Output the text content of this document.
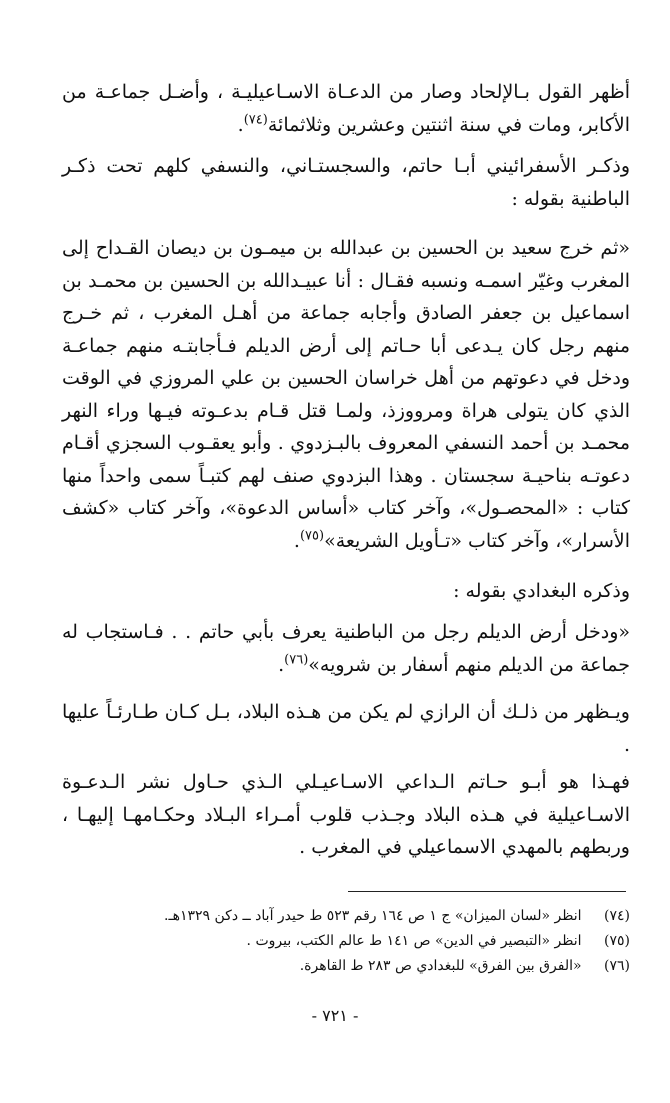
أظهر القول بـالإلحاد وصار من الدعـاة الاسـاعيليـة ، وأضـل جماعـة من الأكابر، ومات في سنة اثنتين وعشرين وثلاثمائة$^{(٧٤)}$.

وذكـر الأسفرائيني أبـا حاتم، والسجستـاني، والنسفي كلهم تحت ذكـر الباطنية بقوله :

«ثم خرج سعيد بن الحسين بن عبدالله بن ميمـون بن ديصان القـداح إلى المغرب وغيّر اسمـه ونسبه فقـال : أنا عبيـدالله بن الحسين بن محمـد بن اسماعيل بن جعفر الصادق وأجابه جماعة من أهـل المغرب ، ثم خـرج منهم رجل كان يـدعى أبا حـاتم إلى أرض الديلم فـأجابتـه منهم جماعـة ودخل في دعوتهم من أهل خراسان الحسين بن علي المروزي في الوقت الذي كان يتولى هراة ومرووزذ، ولمـا قتل قـام بدعـوته فيـها وراء النهر محمـد بن أحمد النسفي المعروف بالبـزدوي . وأبو يعقـوب السجزي أقـام دعوتـه بناحيـة سجستان . وهذا البزدوي صنف لهم كتبـاً سمى واحداً منها كتاب : «المحصـول»، وآخر كتاب «أساس الدعوة»، وآخر كتاب «كشف الأسرار»، وآخر كتاب «تـأويل الشريعة»$^{(٧٥)}$.

وذكره البغدادي بقوله :

«ودخل أرض الديلم رجل من الباطنية يعرف بأبي حاتم . . فـاستجاب له جماعة من الديلم منهم أسفار بن شرويه»$^{(٧٦)}$.

ويـظهر من ذلـك أن الرازي لم يكن من هـذه البلاد، بـل كـان طـارئـاً عليها .

فهـذا هو أبـو حـاتم الـداعي الاسـاعيـلي الـذي حـاول نشر الـدعـوة الاسـاعيلية في هـذه البلاد وجـذب قلوب أمـراء البـلاد وحكـامهـا إليهـا ، وربطهم بالمهدي الاسماعيلي في المغرب .

(٧٤) انظر «لسان الميزان» ج ١ ص ١٦٤ رقم ٥٢٣ ط حيدر آباد ــ دكن ١٣٢٩هـ.

(٧٥) انظر «التبصير في الدين» ص ١٤١ ط عالم الكتب، بيروت .

(٧٦) «الفرق بين الفرق» للبغدادي ص ٢٨٣ ط القاهرة.

- ٧٢١ -
